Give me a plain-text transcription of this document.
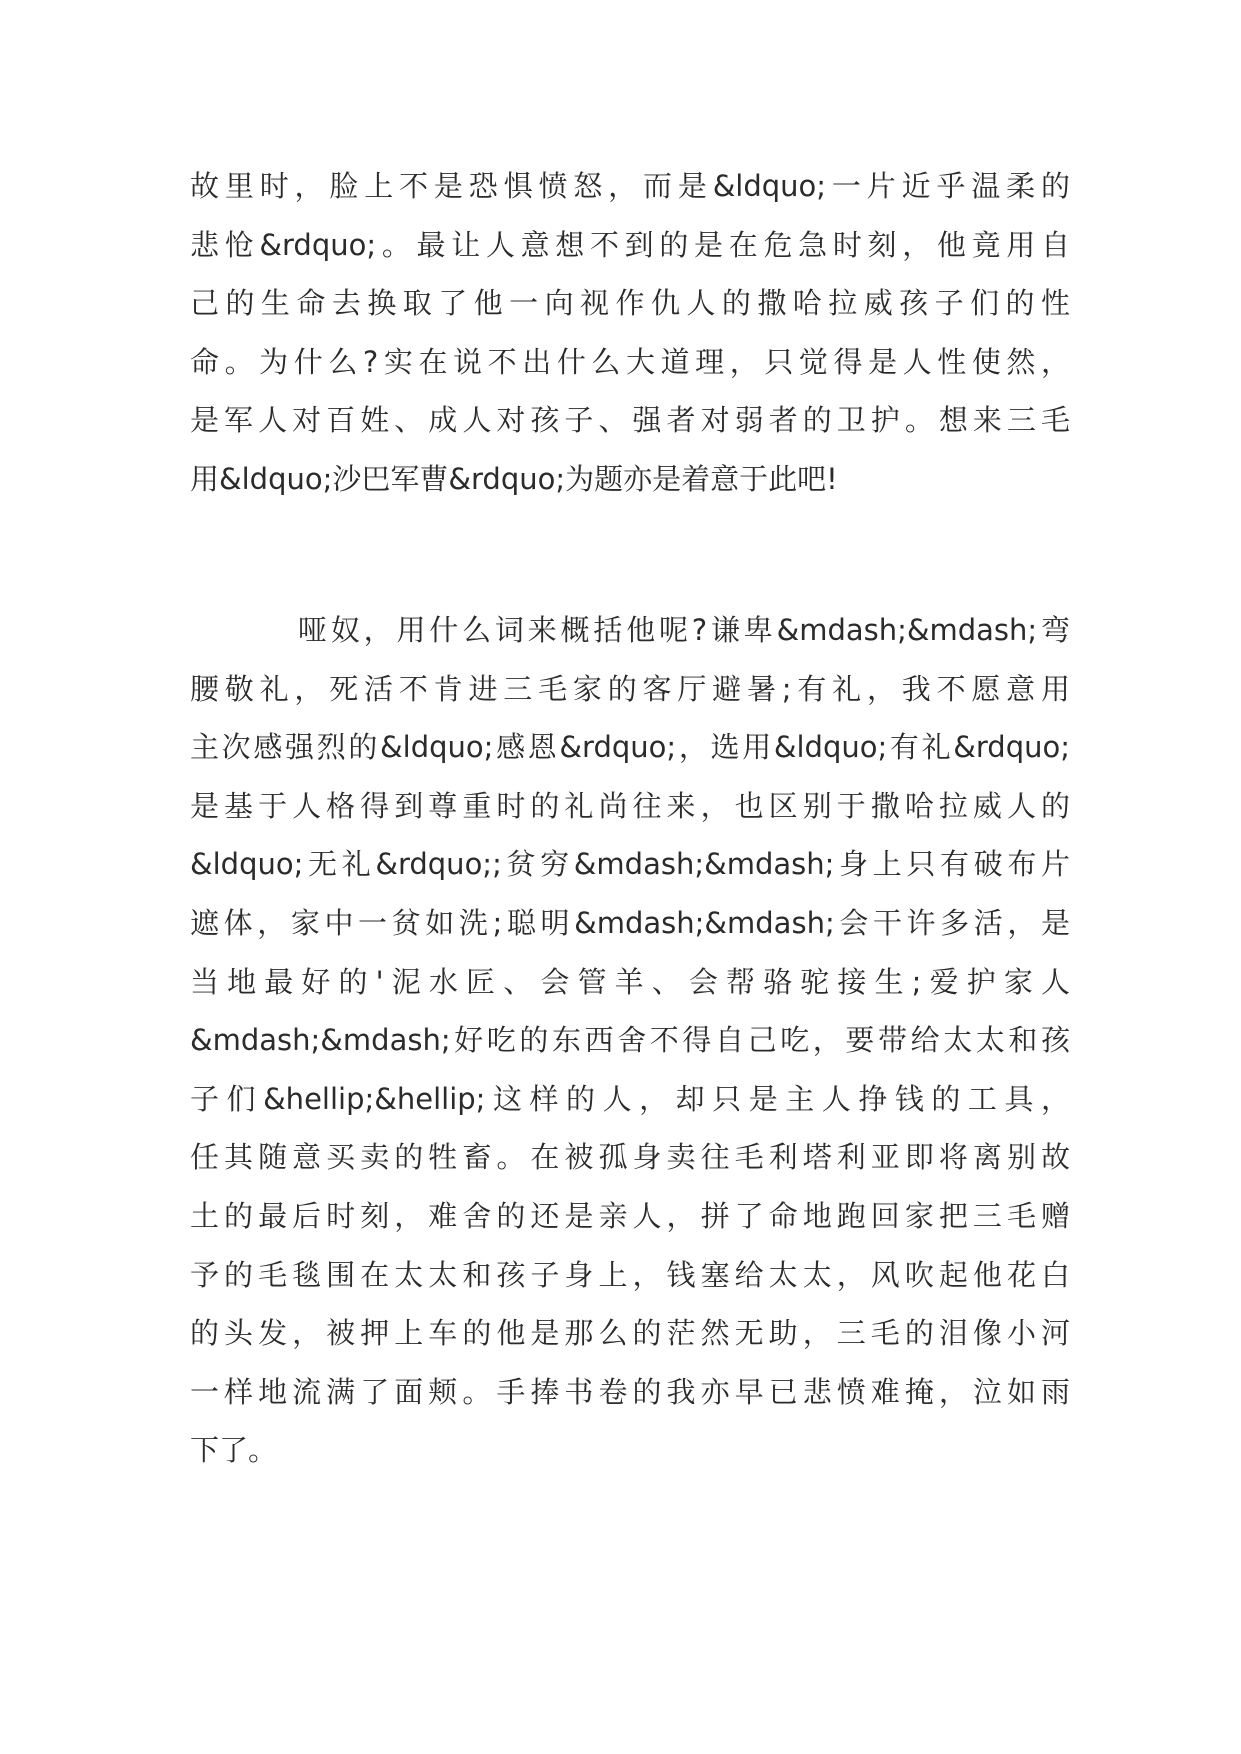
故里时，脸上不是恐惧愤怒，而是&ldquo;一片近乎温柔的
悲怆&rdquo;。最让人意想不到的是在危急时刻，他竟用自
己的生命去换取了他一向视作仇人的撒哈拉威孩子们的性
命。为什么?实在说不出什么大道理，只觉得是人性使然，
是军人对百姓、成人对孩子、强者对弱者的卫护。想来三毛
用&ldquo;沙巴军曹&rdquo;为题亦是着意于此吧!
哑奴，用什么词来概括他呢?谦卑&mdash;&mdash;弯
腰敬礼，死活不肯进三毛家的客厅避暑;有礼，我不愿意用
主次感强烈的&ldquo;感恩&rdquo;，选用&ldquo;有礼&rdquo;
是基于人格得到尊重时的礼尚往来，也区别于撒哈拉威人的
&ldquo;无礼&rdquo;;贫穷&mdash;&mdash;身上只有破布片
遮体，家中一贫如洗;聪明&mdash;&mdash;会干许多活，是
当地最好的'泥水匠、会管羊、会帮骆驼接生;爱护家人
&mdash;&mdash;好吃的东西舍不得自己吃，要带给太太和孩
子们&hellip;&hellip;这样的人，却只是主人挣钱的工具，
任其随意买卖的牲畜。在被孤身卖往毛利塔利亚即将离别故
土的最后时刻，难舍的还是亲人，拼了命地跑回家把三毛赠
予的毛毯围在太太和孩子身上，钱塞给太太，风吹起他花白
的头发，被押上车的他是那么的茫然无助，三毛的泪像小河
一样地流满了面颊。手捧书卷的我亦早已悲愤难掩，泣如雨
下了。
